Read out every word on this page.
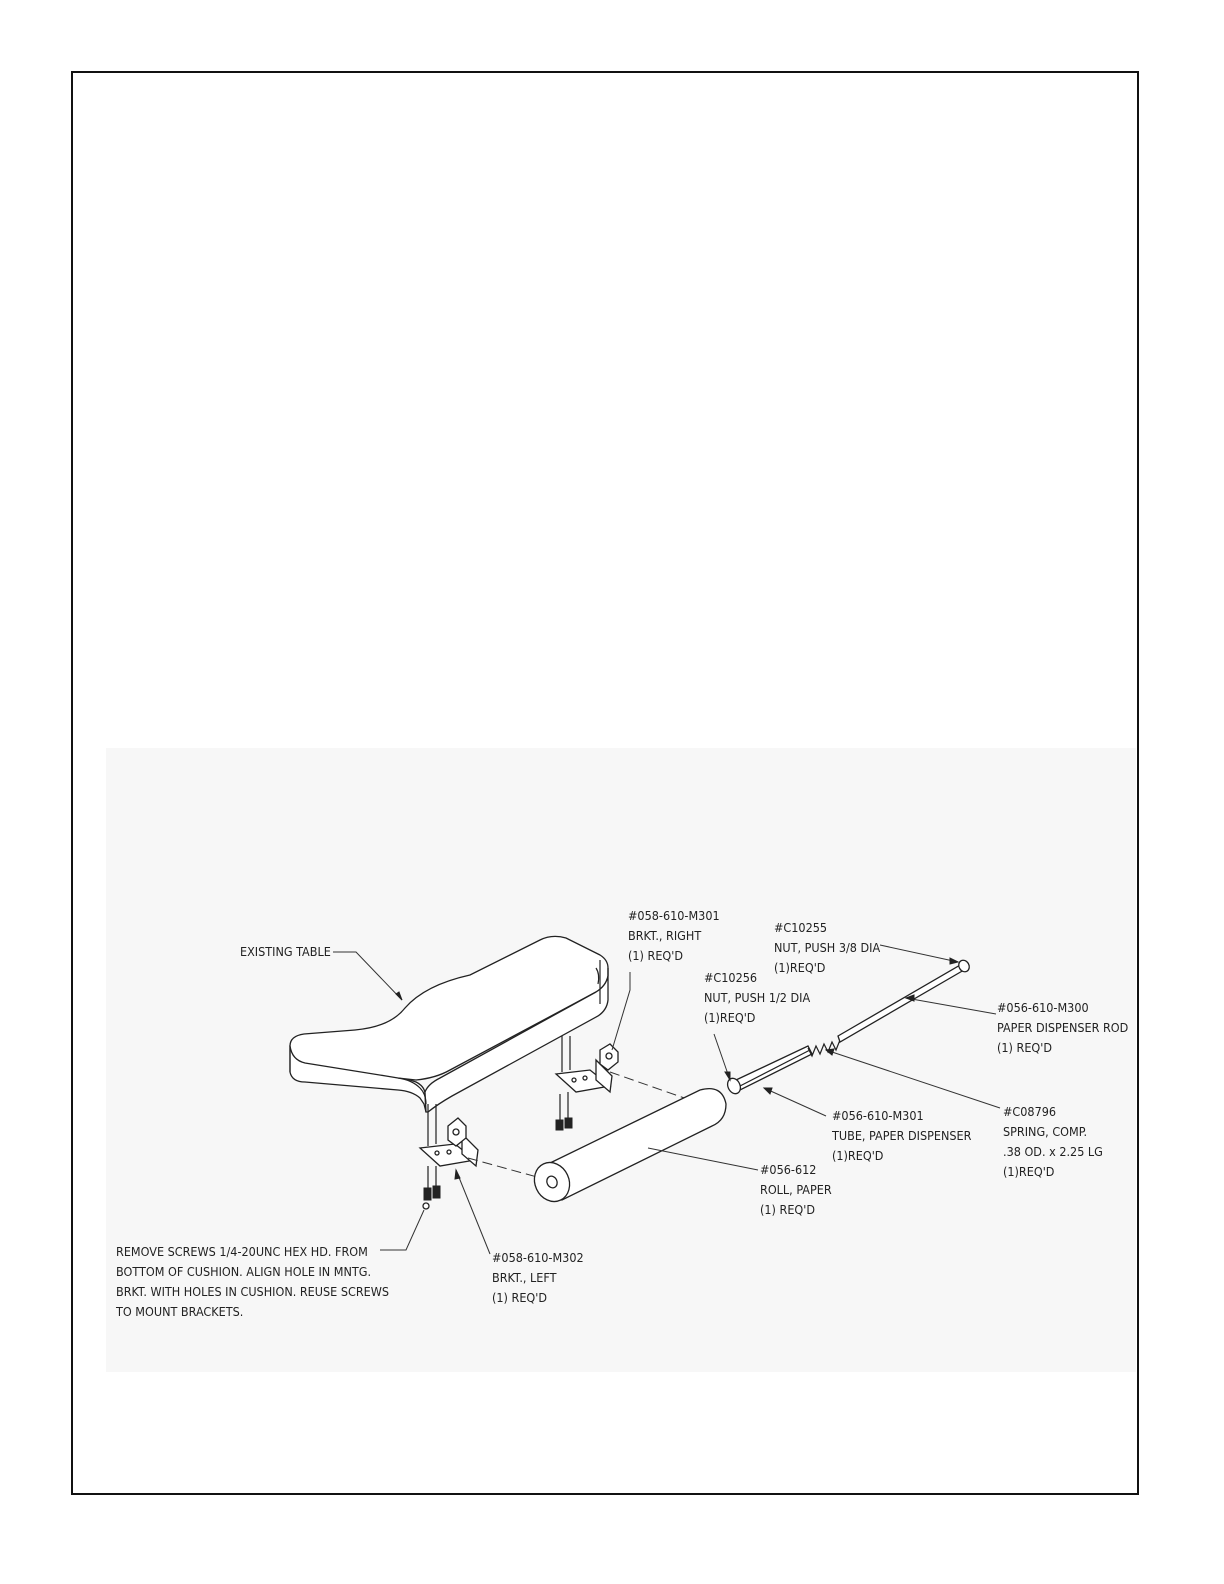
EXISTING TABLE
#058-610-M301
BRKT., RIGHT
(1) REQ'D
#C10255
NUT, PUSH 3/8 DIA
(1)REQ'D
#C10256
NUT, PUSH 1/2 DIA
(1)REQ'D
#056-610-M300
PAPER DISPENSER ROD
(1) REQ'D
#C08796
SPRING, COMP.
.38 OD. x 2.25 LG
(1)REQ'D
#056-610-M301
TUBE, PAPER DISPENSER
(1)REQ'D
#056-612
ROLL, PAPER
(1) REQ'D
#058-610-M302
BRKT., LEFT
(1) REQ'D
REMOVE SCREWS 1/4-20UNC HEX HD. FROM
BOTTOM OF CUSHION. ALIGN HOLE IN MNTG.
BRKT. WITH HOLES IN CUSHION. REUSE SCREWS
TO MOUNT BRACKETS.
